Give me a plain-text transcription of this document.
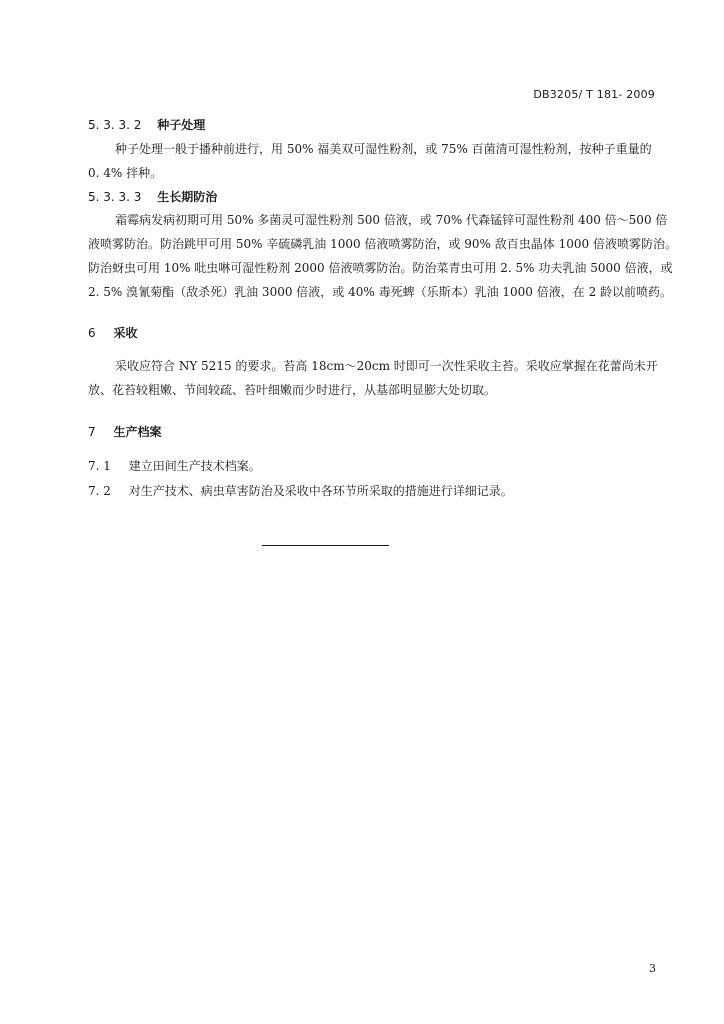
DB3205/ T 181- 2009
5. 3. 3. 2 种子处理
种子处理一般于播种前进行，用 50% 福美双可湿性粉剂，或 75% 百菌清可湿性粉剂，按种子重量的
0. 4% 拌种。
5. 3. 3. 3 生长期防治
霜霉病发病初期可用 50% 多菌灵可湿性粉剂 500 倍液，或 70% 代森锰锌可湿性粉剂 400 倍～500 倍
液喷雾防治。防治跳甲可用 50% 辛硫磷乳油 1000 倍液喷雾防治，或 90% 敌百虫晶体 1000 倍液喷雾防治。
防治蚜虫可用 10% 吡虫啉可湿性粉剂 2000 倍液喷雾防治。防治菜青虫可用 2. 5% 功夫乳油 5000 倍液，或
2. 5% 溴氰菊酯（敌杀死）乳油 3000 倍液，或 40% 毒死蜱（乐斯本）乳油 1000 倍液，在 2 龄以前喷药。
6 采收
采收应符合 NY 5215 的要求。苔高 18cm～20cm 时即可一次性采收主苔。采收应掌握在花蕾尚未开
放、花苔较粗嫩、节间较疏、苔叶细嫩而少时进行，从基部明显膨大处切取。
7 生产档案
7. 1 建立田间生产技术档案。
7. 2 对生产技术、病虫草害防治及采收中各环节所采取的措施进行详细记录。
3
